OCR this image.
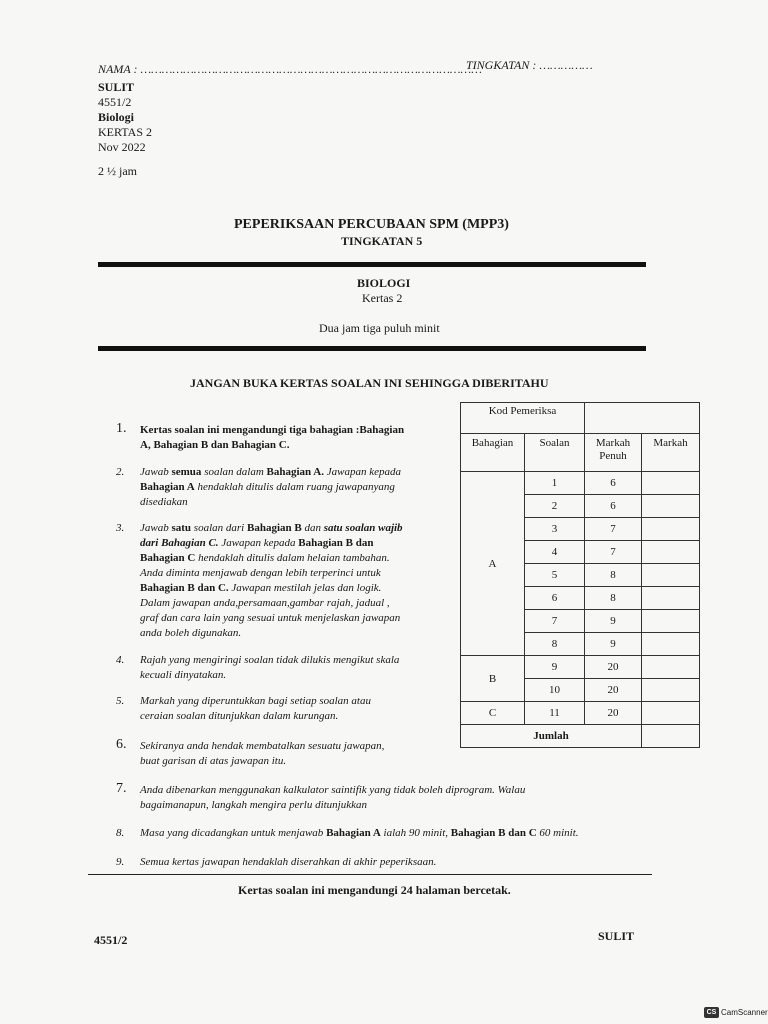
NAMA : ……………………………………………………………………………………
TINGKATAN : ……………
SULIT
4551/2
Biologi
KERTAS 2
Nov 2022
2 ½ jam
PEPERIKSAAN PERCUBAAN SPM (MPP3)
TINGKATAN 5
BIOLOGI
Kertas 2
Dua jam tiga puluh minit
JANGAN BUKA KERTAS SOALAN INI SEHINGGA DIBERITAHU
1.	Kertas soalan ini mengandungi tiga bahagian :Bahagian
A, Bahagian B dan Bahagian C.
2.	Jawab semua soalan dalam Bahagian A. Jawapan kepada
Bahagian A hendaklah ditulis dalam ruang jawapanyang
disediakan
3.	Jawab satu soalan dari Bahagian B dan satu soalan wajib
dari Bahagian C. Jawapan kepada Bahagian B dan
Bahagian C hendaklah ditulis dalam helaian tambahan.
Anda diminta menjawab dengan lebih terperinci untuk
Bahagian B dan C. Jawapan mestilah jelas dan logik.
Dalam jawapan anda,persamaan,gambar rajah, jadual ,
graf dan cara lain yang sesuai untuk menjelaskan jawapan
anda boleh digunakan.
4.	Rajah yang mengiringi soalan tidak dilukis mengikut skala
kecuali dinyatakan.
5.	Markah yang diperuntukkan bagi setiap soalan atau
ceraian soalan ditunjukkan dalam kurungan.
6.	Sekiranya anda hendak membatalkan sesuatu jawapan,
buat garisan di atas jawapan itu.
7.	Anda dibenarkan menggunakan kalkulator saintifik yang tidak boleh diprogram. Walau
bagaimanapun, langkah mengira perlu ditunjukkan
8.	Masa yang dicadangkan untuk menjawab Bahagian A ialah 90 minit, Bahagian B dan C 60 minit.
9.	Semua kertas jawapan hendaklah diserahkan di akhir peperiksaan.
Kod Pemeriksa			
Bahagian	Soalan	Markah Penuh	Markah
A	1	6	
	2	6	
	3	7	
	4	7	
	5	8	
	6	8	
	7	9	
	8	9	
B	9	20	
	10	20	
C	11	20	
Jumlah			
Kertas soalan ini mengandungi 24 halaman bercetak.
4551/2	SULIT
CS CamScanner
